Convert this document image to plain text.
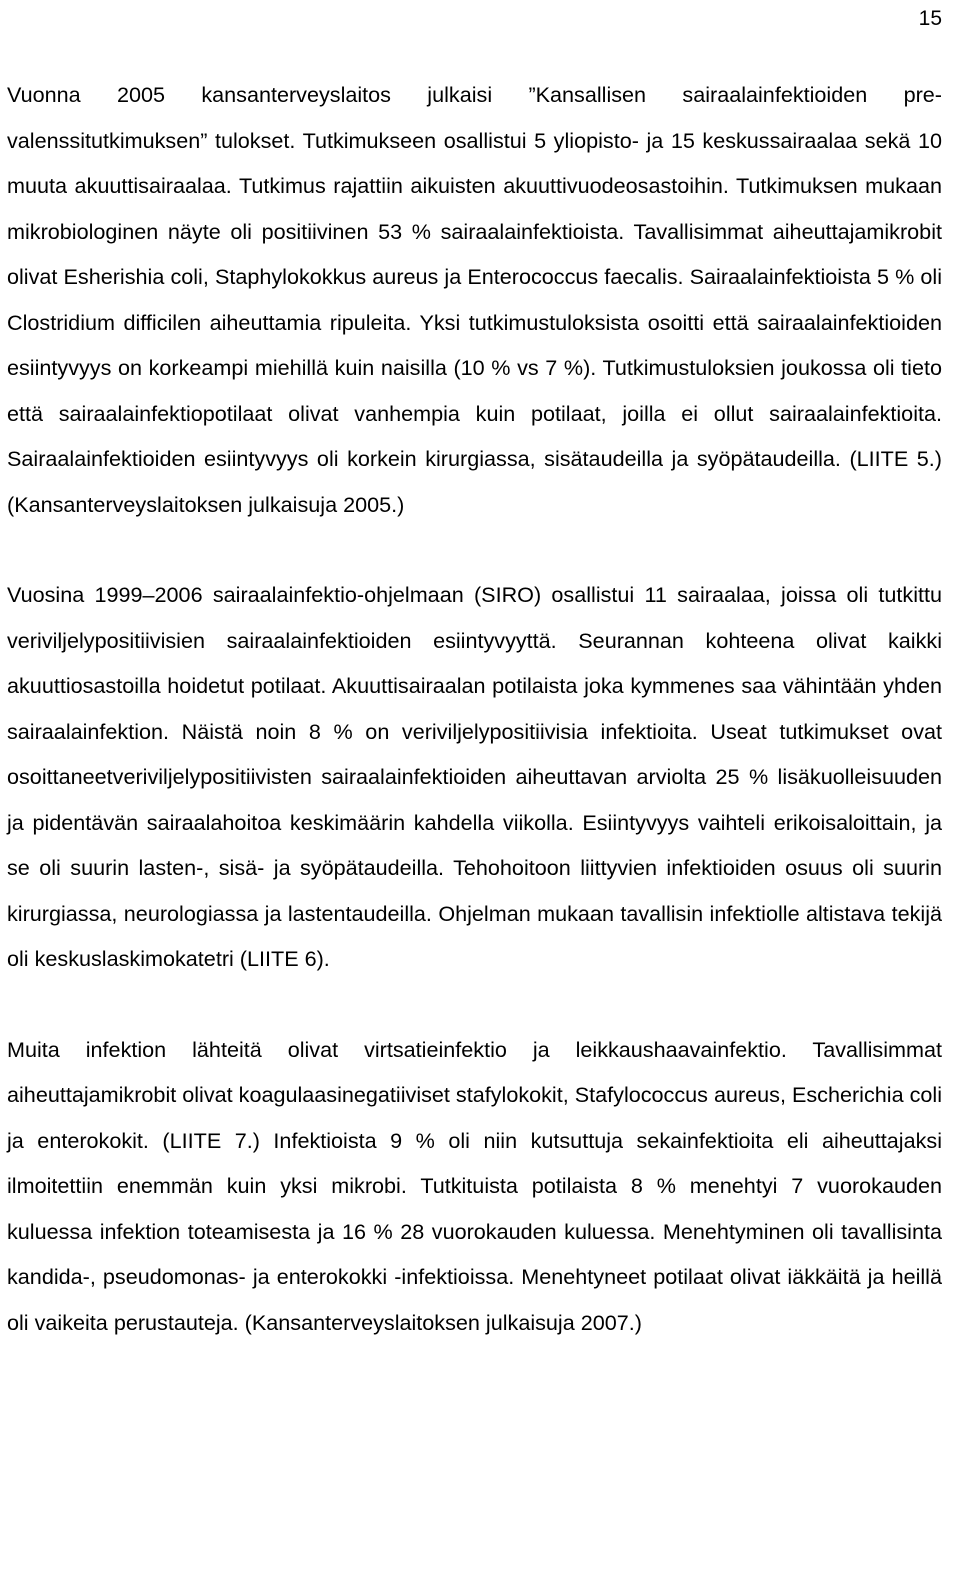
15

Vuonna 2005 kansanterveyslaitos julkaisi ”Kansallisen sairaalainfektioiden prevalenssitutkimuksen” tulokset. Tutkimukseen osallistui 5 yliopisto- ja 15 keskussairaalaa sekä 10 muuta akuuttisairaalaa. Tutkimus rajattiin aikuisten akuuttivuodeosastoihin. Tutkimuksen mukaan mikrobiologinen näyte oli positiivinen 53 % sairaalainfektioista. Tavallisimmat aiheuttajamikrobit olivat Esherishia coli, Staphylokokkus aureus ja Enterococcus faecalis. Sairaalainfektioista 5 % oli Clostridium difficilen aiheuttamia ripuleita. Yksi tutkimustuloksista osoitti että sairaalainfektioiden esiintyvyys on korkeampi miehillä kuin naisilla (10 % vs 7 %). Tutkimustuloksien joukossa oli tieto että sairaalainfektiopotilaat olivat vanhempia kuin potilaat, joilla ei ollut sairaalainfektioita. Sairaalainfektioiden esiintyvyys oli korkein kirurgiassa, sisätaudeilla ja syöpätaudeilla. (LIITE 5.) (Kansanterveyslaitoksen julkaisuja 2005.)

Vuosina 1999–2006 sairaalainfektio-ohjelmaan (SIRO) osallistui 11 sairaalaa, joissa oli tutkittu veriviljelypositiivisien sairaalainfektioiden esiintyvyyttä. Seurannan kohteena olivat kaikki akuuttiosastoilla hoidetut potilaat. Akuuttisairaalan potilaista joka kymmenes saa vähintään yhden sairaalainfektion. Näistä noin 8 % on veriviljelypositiivisia infektioita. Useat tutkimukset ovat osoittaneetveriviljelypositiivisten sairaalainfektioiden aiheuttavan arviolta 25 % lisäkuolleisuuden ja pidentävän sairaalahoitoa keskimäärin kahdella viikolla. Esiintyvyys vaihteli erikoisaloittain, ja se oli suurin lasten-, sisä- ja syöpätaudeilla. Tehohoitoon liittyvien infektioiden osuus oli suurin kirurgiassa, neurologiassa ja lastentaudeilla. Ohjelman mukaan tavallisin infektiolle altistava tekijä oli keskuslaskimokatetri (LIITE 6).

Muita infektion lähteitä olivat virtsatieinfektio ja leikkaushaavainfektio. Tavallisimmat aiheuttajamikrobit olivat koagulaasinegatiiviset stafylokokit, Stafylococcus aureus, Escherichia coli ja enterokokit. (LIITE 7.) Infektioista 9 % oli niin kutsuttuja sekainfektioita eli aiheuttajaksi ilmoitettiin enemmän kuin yksi mikrobi. Tutkituista potilaista 8 % menehtyi 7 vuorokauden kuluessa infektion toteamisesta ja 16 % 28 vuorokauden kuluessa. Menehtyminen oli tavallisinta kandida-, pseudomonas- ja enterokokki -infektioissa. Menehtyneet potilaat olivat iäkkäitä ja heillä oli vaikeita perustauteja. (Kansanterveyslaitoksen julkaisuja 2007.)
